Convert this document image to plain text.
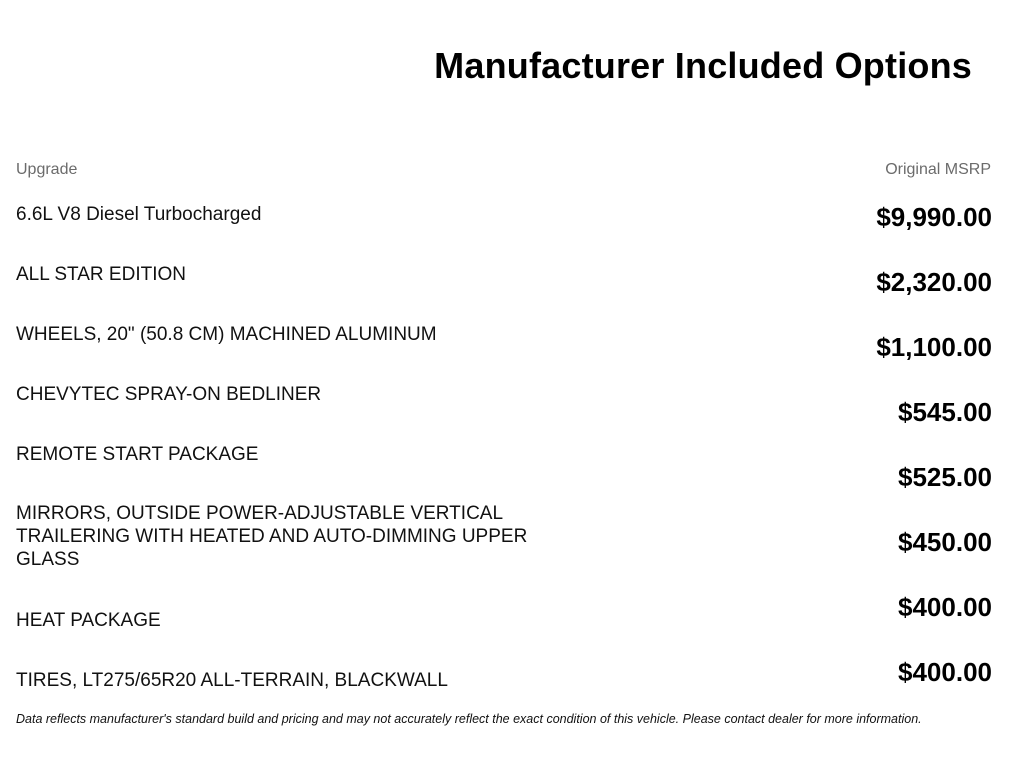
Manufacturer Included Options
Upgrade	Original MSRP
6.6L V8 Diesel Turbocharged
ALL STAR EDITION
WHEELS, 20" (50.8 CM) MACHINED ALUMINUM
CHEVYTEC SPRAY-ON BEDLINER
REMOTE START PACKAGE
MIRRORS, OUTSIDE POWER-ADJUSTABLE VERTICAL TRAILERING WITH HEATED AND AUTO-DIMMING UPPER GLASS
HEAT PACKAGE
TIRES, LT275/65R20 ALL-TERRAIN, BLACKWALL
$9,990.00
$2,320.00
$1,100.00
$545.00
$525.00
$450.00
$400.00
$400.00
Data reflects manufacturer's standard build and pricing and may not accurately reflect the exact condition of this vehicle. Please contact dealer for more information.
